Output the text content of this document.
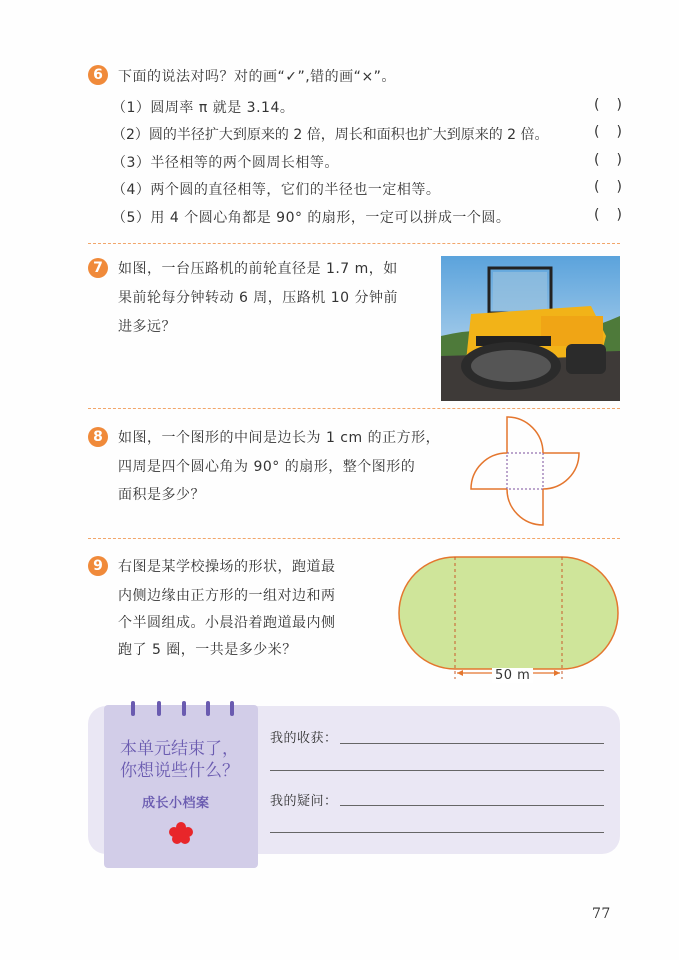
6	下面的说法对吗？对的画“✓”,错的画“×”。
（1）圆周率 π 就是 3.14。	( )
（2）圆的半径扩大到原来的 2 倍，周长和面积也扩大到原来的 2 倍。	( )
（3）半径相等的两个圆周长相等。	( )
（4）两个圆的直径相等，它们的半径也一定相等。	( )
（5）用 4 个圆心角都是 90° 的扇形，一定可以拼成一个圆。	( )
7	如图，一台压路机的前轮直径是 1.7 m，如
果前轮每分钟转动 6 周，压路机 10 分钟前
进多远？
8	如图，一个图形的中间是边长为 1 cm 的正方形，
四周是四个圆心角为 90° 的扇形，整个图形的
面积是多少？
9	右图是某学校操场的形状，跑道最
内侧边缘由正方形的一组对边和两
个半圆组成。小晨沿着跑道最内侧
跑了 5 圈，一共是多少米？
50 m
本单元结束了，
你想说些什么？
成长小档案
我的收获：
我的疑问：
77
